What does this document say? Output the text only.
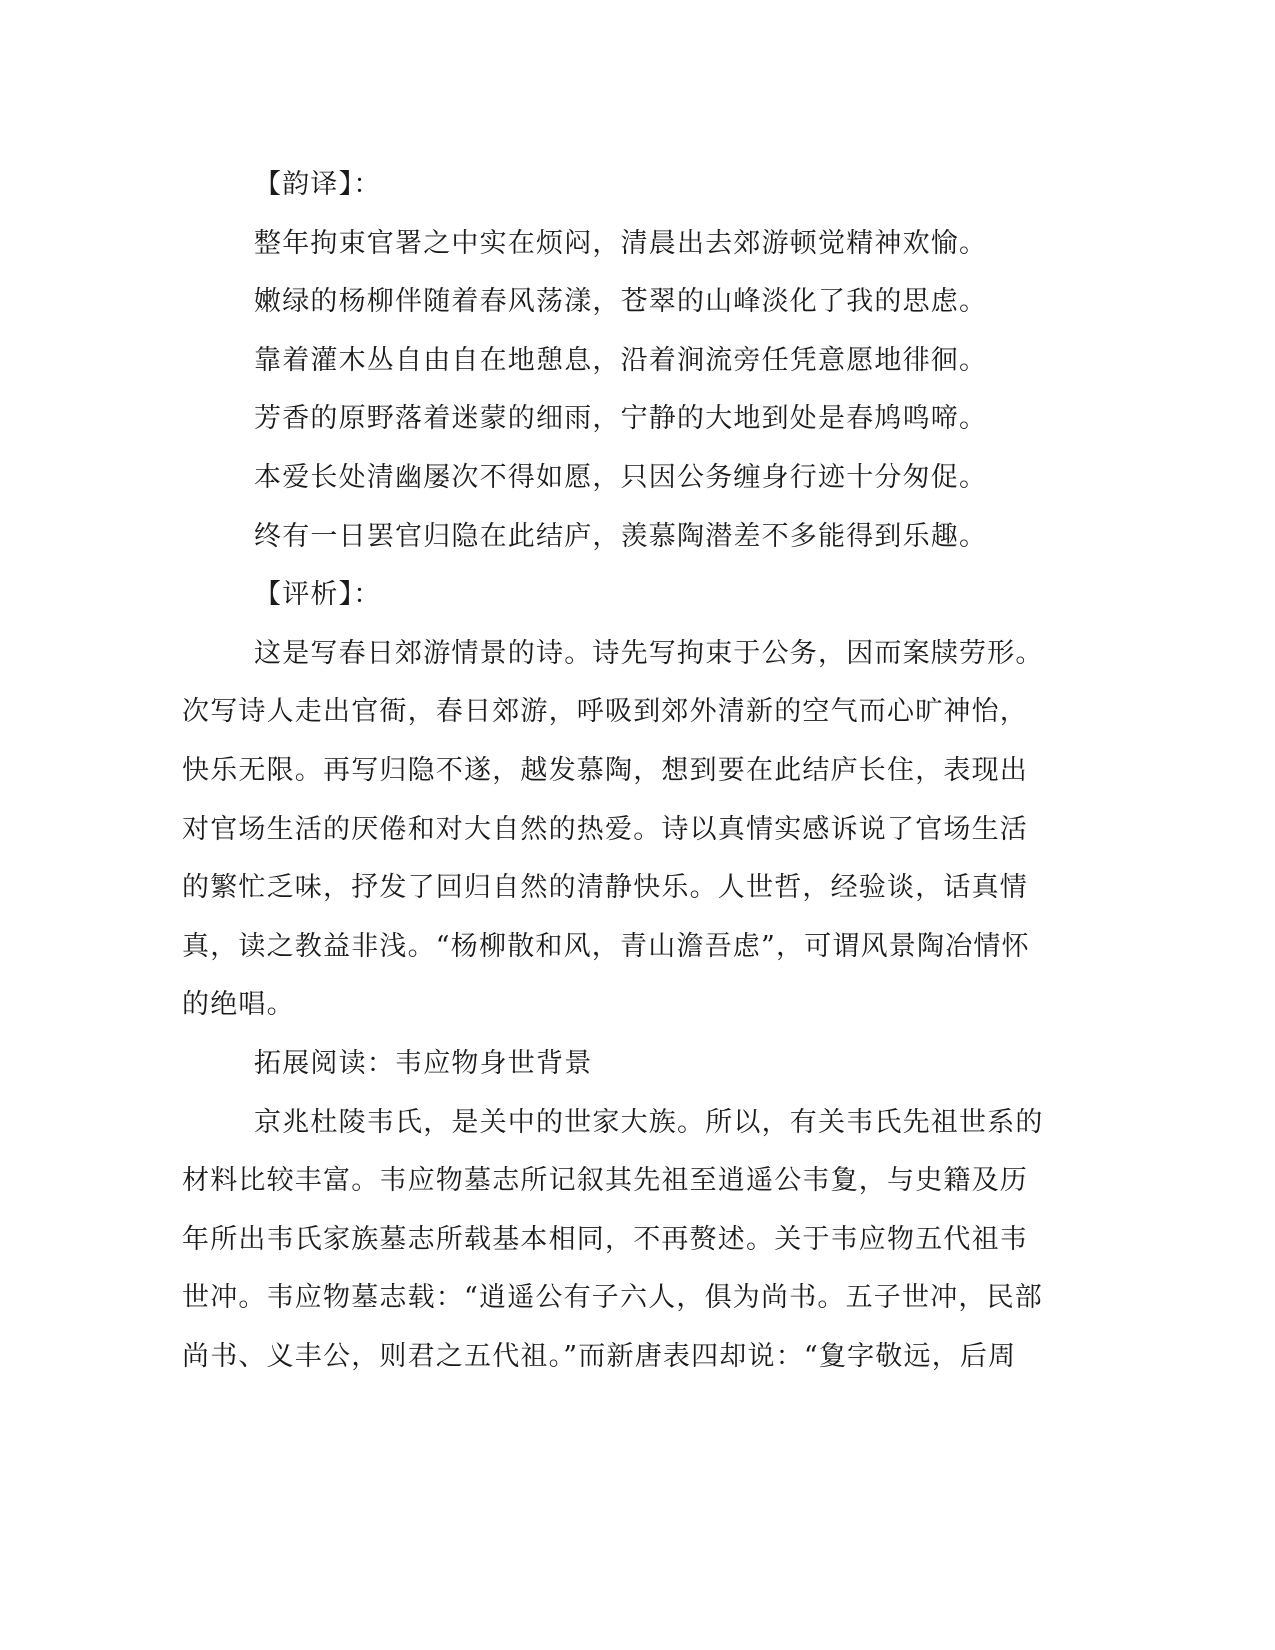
【韵译】：
整年拘束官署之中实在烦闷，清晨出去郊游顿觉精神欢愉。
嫩绿的杨柳伴随着春风荡漾，苍翠的山峰淡化了我的思虑。
靠着灌木丛自由自在地憩息，沿着涧流旁任凭意愿地徘徊。
芳香的原野落着迷蒙的细雨，宁静的大地到处是春鸠鸣啼。
本爱长处清幽屡次不得如愿，只因公务缠身行迹十分匆促。
终有一日罢官归隐在此结庐，羡慕陶潜差不多能得到乐趣。
【评析】：
这是写春日郊游情景的诗。诗先写拘束于公务，因而案牍劳形。
次写诗人走出官衙，春日郊游，呼吸到郊外清新的空气而心旷神怡，
快乐无限。再写归隐不遂，越发慕陶，想到要在此结庐长住，表现出
对官场生活的厌倦和对大自然的热爱。诗以真情实感诉说了官场生活
的繁忙乏味，抒发了回归自然的清静快乐。人世哲，经验谈，话真情
真，读之教益非浅。“杨柳散和风，青山澹吾虑”，可谓风景陶冶情怀
的绝唱。
拓展阅读：韦应物身世背景
京兆杜陵韦氏，是关中的世家大族。所以，有关韦氏先祖世系的
材料比较丰富。韦应物墓志所记叙其先祖至逍遥公韦夐，与史籍及历
年所出韦氏家族墓志所载基本相同，不再赘述。关于韦应物五代祖韦
世冲。韦应物墓志载：“逍遥公有子六人，俱为尚书。五子世冲，民部
尚书、义丰公，则君之五代祖。”而新唐表四却说：“夐字敬远，后周
